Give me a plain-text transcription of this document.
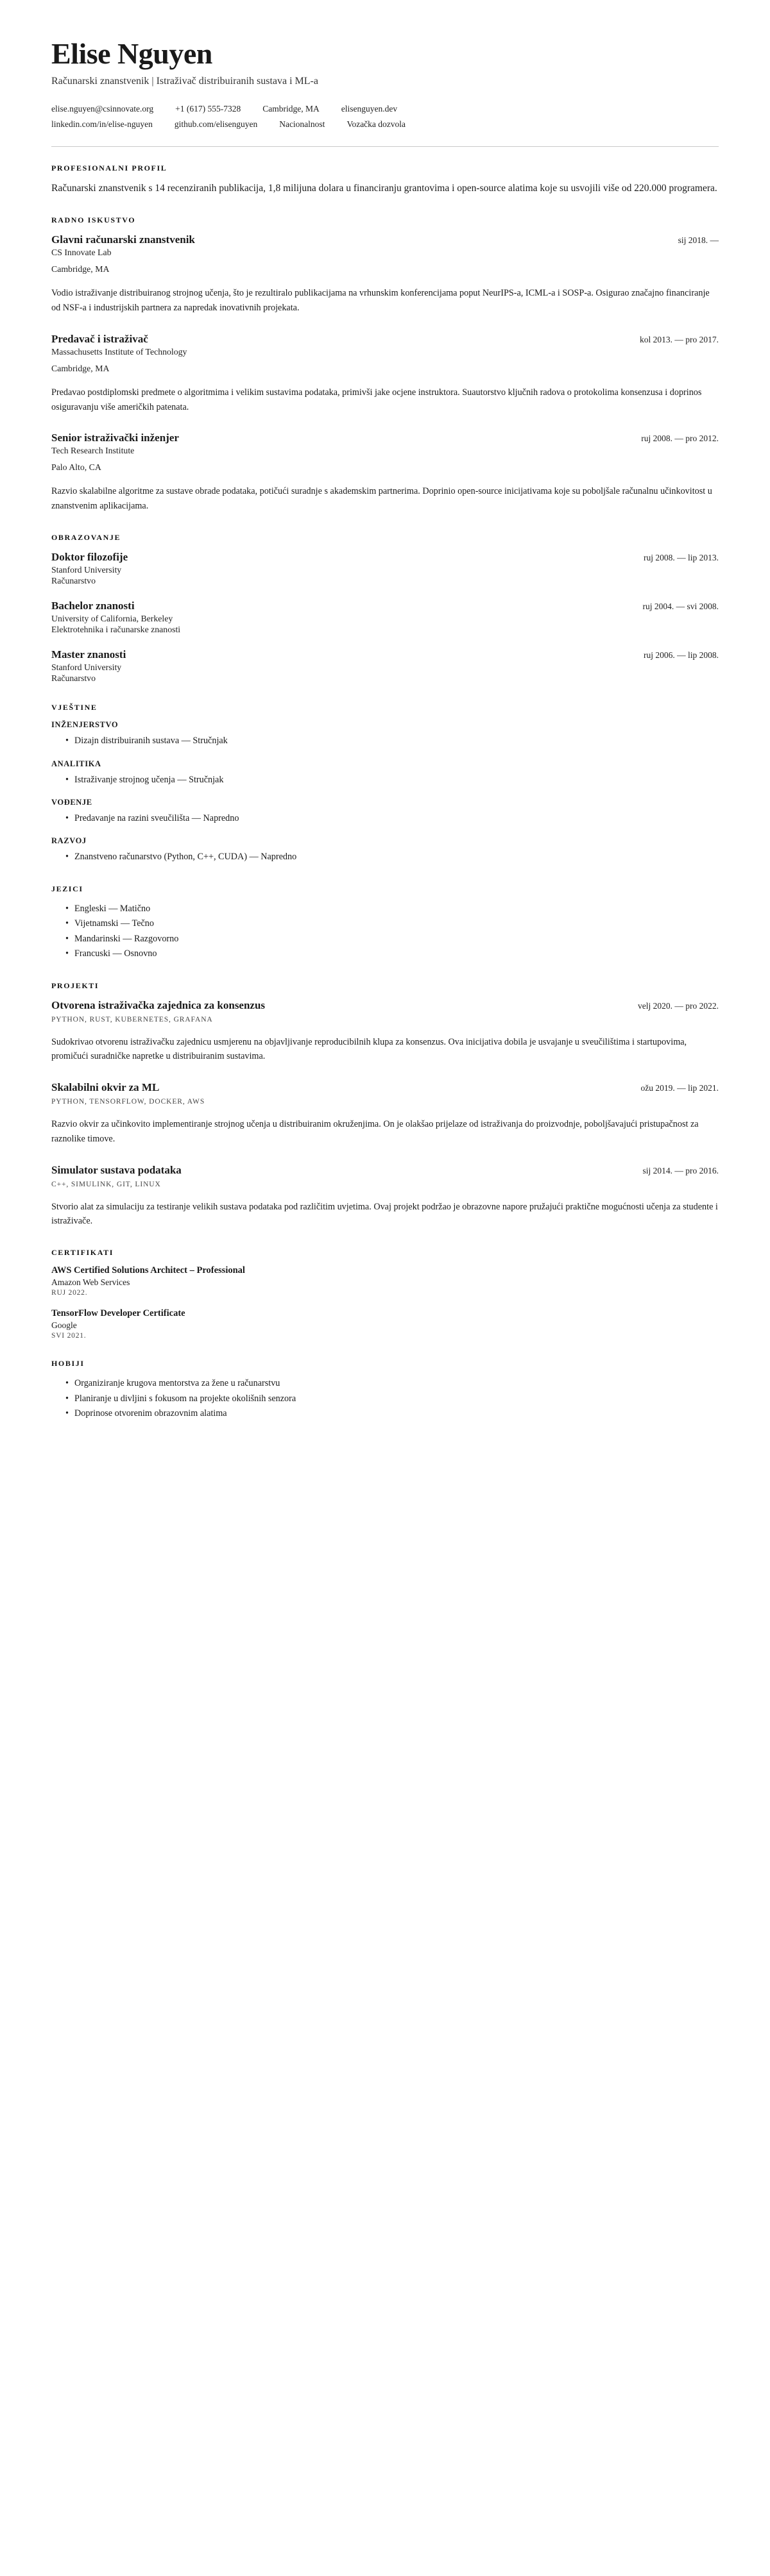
Elise Nguyen
Računarski znanstvenik | Istraživač distribuiranih sustava i ML-a
elise.nguyen@csinnovate.org	+1 (617) 555-7328	Cambridge, MA	elisenguyen.dev
linkedin.com/in/elise-nguyen	github.com/elisenguyen	Nacionalnost	Vozačka dozvola
PROFESIONALNI PROFIL

Računarski znanstvenik s 14 recenziranih publikacija, 1,8 milijuna dolara u financiranju grantovima i open-source alatima koje su usvojili više od 220.000 programera.

RADNO ISKUSTVO
Glavni računarski znanstvenik	sij 2018. —
CS Innovate Lab
Cambridge, MA
Vodio istraživanje distribuiranog strojnog učenja, što je rezultiralo publikacijama na vrhunskim konferencijama poput NeurIPS-a, ICML-a i SOSP-a. Osigurao značajno financiranje od NSF-a i industrijskih partnera za napredak inovativnih projekata.
Predavač i istraživač	kol 2013. — pro 2017.
Massachusetts Institute of Technology
Cambridge, MA
Predavao postdiplomski predmete o algoritmima i velikim sustavima podataka, primivši jake ocjene instruktora. Suautorstvo ključnih radova o protokolima konsenzusa i doprinos osiguravanju više američkih patenata.
Senior istraživački inženjer	ruj 2008. — pro 2012.
Tech Research Institute
Palo Alto, CA
Razvio skalabilne algoritme za sustave obrade podataka, potičući suradnje s akademskim partnerima. Doprinio open-source inicijativama koje su poboljšale računalnu učinkovitost u znanstvenim aplikacijama.
OBRAZOVANJE
Doktor filozofije	ruj 2008. — lip 2013.
Stanford University
Računarstvo
Bachelor znanosti	ruj 2004. — svi 2008.
University of California, Berkeley
Elektrotehnika i računarske znanosti
Master znanosti	ruj 2006. — lip 2008.
Stanford University
Računarstvo
VJEŠTINE
INŽENJERSTVO
• Dizajn distribuiranih sustava — Stručnjak
ANALITIKA
• Istraživanje strojnog učenja — Stručnjak
VOĐENJE
• Predavanje na razini sveučilišta — Napredno
RAZVOJ
• Znanstveno računarstvo (Python, C++, CUDA) — Napredno
JEZICI
• Engleski — Matično
• Vijetnamski — Tečno
• Mandarinski — Razgovorno
• Francuski — Osnovno
PROJEKTI
Otvorena istraživačka zajednica za konsenzus	velj 2020. — pro 2022.
PYTHON, RUST, KUBERNETES, GRAFANA
Sudokrivao otvorenu istraživačku zajednicu usmjerenu na objavljivanje reproducibilnih klupa za konsenzus. Ova inicijativa dobila je usvajanje u sveučilištima i startupovima, promičući suradničke napretke u distribuiranim sustavima.
Skalabilni okvir za ML	ožu 2019. — lip 2021.
PYTHON, TENSORFLOW, DOCKER, AWS
Razvio okvir za učinkovito implementiranje strojnog učenja u distribuiranim okruženjima. On je olakšao prijelaze od istraživanja do proizvodnje, poboljšavajući pristupačnost za raznolike timove.
Simulator sustava podataka	sij 2014. — pro 2016.
C++, SIMULINK, GIT, LINUX
Stvorio alat za simulaciju za testiranje velikih sustava podataka pod različitim uvjetima. Ovaj projekt podržao je obrazovne napore pružajući praktične mogućnosti učenja za studente i istraživače.
CERTIFIKATI
AWS Certified Solutions Architect – Professional
Amazon Web Services
RUJ 2022.
TensorFlow Developer Certificate
Google
SVI 2021.
HOBIJI
• Organiziranje krugova mentorstva za žene u računarstvu
• Planiranje u divljini s fokusom na projekte okolišnih senzora
• Doprinose otvorenim obrazovnim alatima
